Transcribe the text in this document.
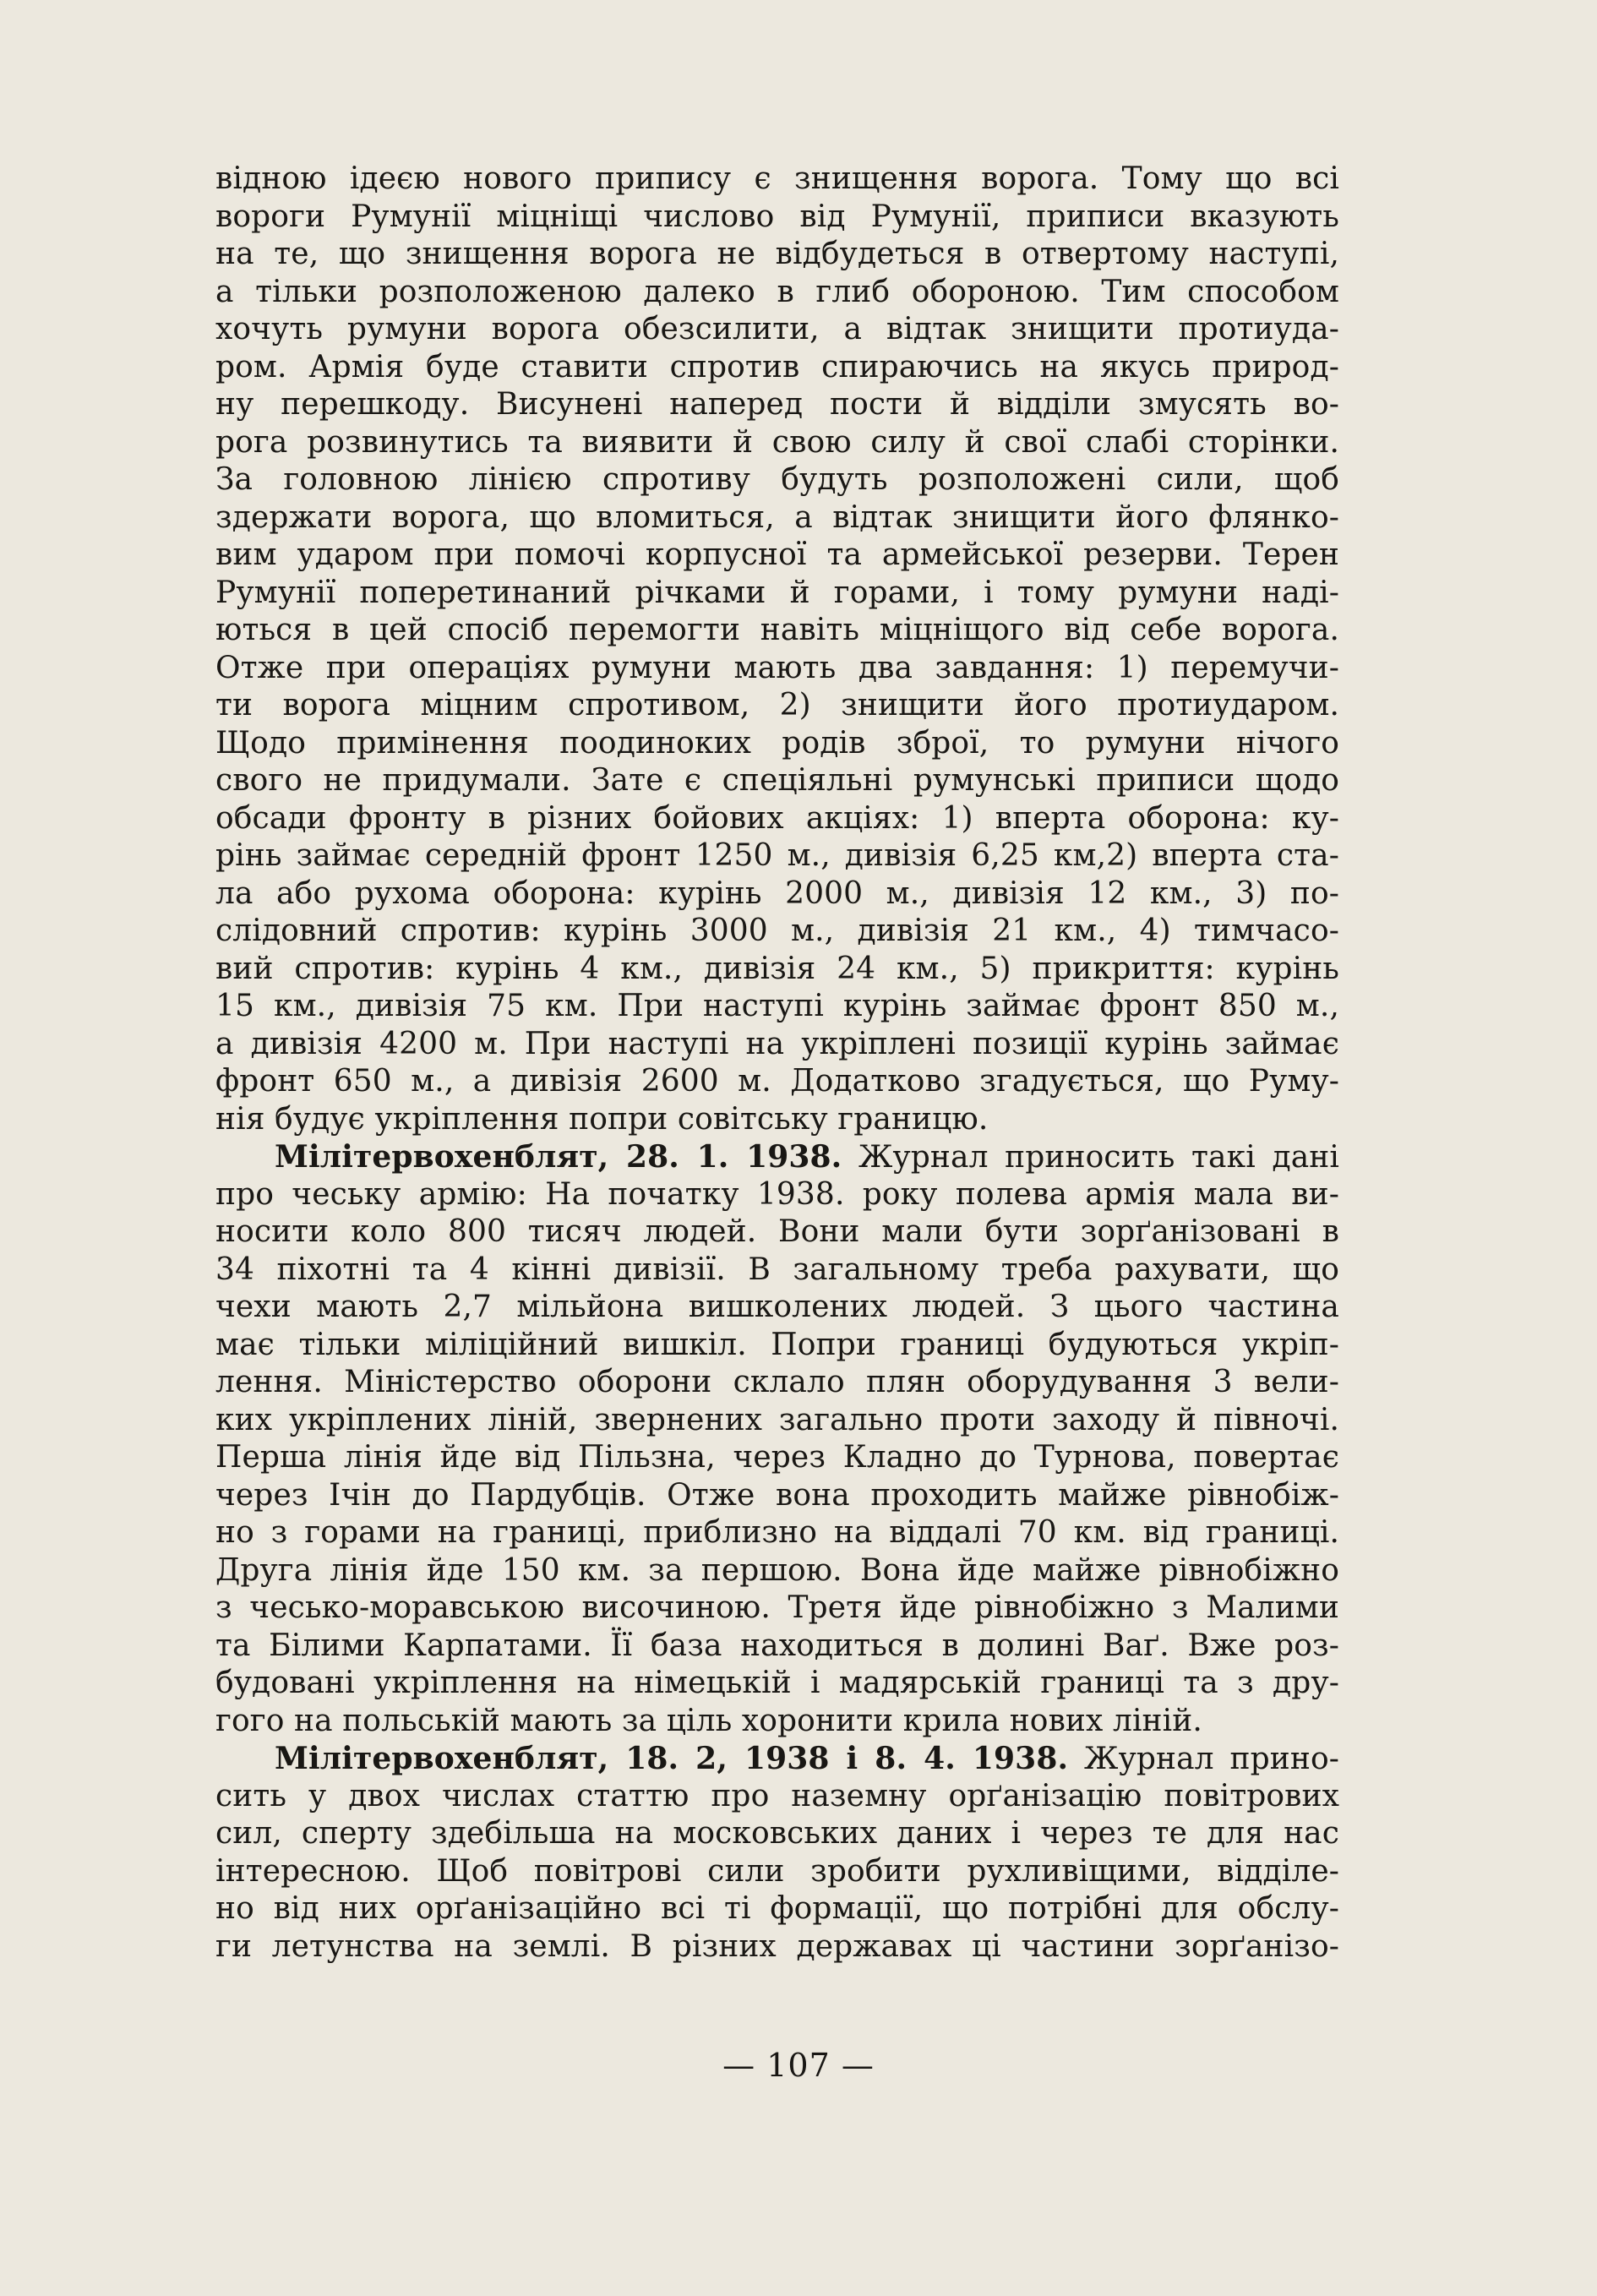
відною ідеєю нового припису є знищення ворога. Тому що всі
вороги Румунії міцніщі числово від Румунії, приписи вказують
на те, що знищення ворога не відбудеться в отвертому наступі,
а тільки розположеною далеко в глиб обороною. Тим способом
хочуть румуни ворога обезсилити, а відтак знищити протиуда-
ром. Армія буде ставити спротив спираючись на якусь природ-
ну перешкоду. Висунені наперед пости й відділи змусять во-
рога розвинутись та виявити й свою силу й свої слабі сторінки.
За головною лінією спротиву будуть розположені сили, щоб
здержати ворога, що вломиться, а відтак знищити його флянко-
вим ударом при помочі корпусної та армейської резерви. Терен
Румунії поперетинаний річками й горами, і тому румуни наді-
ються в цей спосіб перемогти навіть міцніщого від себе ворога.
Отже при операціях румуни мають два завдання: 1) перемучи-
ти ворога міцним спротивом, 2) знищити його протиударом.
Щодо примінення поодиноких родів зброї, то румуни нічого
свого не придумали. Зате є спеціяльні румунські приписи щодо
обсади фронту в різних бойових акціях: 1) вперта оборона: ку-
рінь займає середній фронт 1250 м., дивізія 6,25 км,2) вперта ста-
ла або рухома оборона: курінь 2000 м., дивізія 12 км., 3) по-
слідовний спротив: курінь 3000 м., дивізія 21 км., 4) тимчасо-
вий спротив: курінь 4 км., дивізія 24 км., 5) прикриття: курінь
15 км., дивізія 75 км. При наступі курінь займає фронт 850 м.,
а дивізія 4200 м. При наступі на укріплені позиції курінь займає
фронт 650 м., а дивізія 2600 м. Додатково згадується, що Руму-
нія будує укріплення попри совітську границю.
Мілітервохенблят, 28. 1. 1938. Журнал приносить такі дані
про чеську армію: На початку 1938. року полева армія мала ви-
носити коло 800 тисяч людей. Вони мали бути зорґанізовані в
34 піхотні та 4 кінні дивізії. В загальному треба рахувати, що
чехи мають 2,7 мільйона вишколених людей. З цього частина
має тільки міліційний вишкіл. Попри границі будуються укріп-
лення. Міністерство оборони склало плян оборудування 3 вели-
ких укріплених ліній, звернених загально проти заходу й півночі.
Перша лінія йде від Пільзна, через Кладно до Турнова, повертає
через Ічін до Пардубців. Отже вона проходить майже рівнобіж-
но з горами на границі, приблизно на віддалі 70 км. від границі.
Друга лінія йде 150 км. за першою. Вона йде майже рівнобіжно
з чесько-моравською височиною. Третя йде рівнобіжно з Малими
та Білими Карпатами. Її база находиться в долині Ваґ. Вже роз-
будовані укріплення на німецькій і мадярській границі та з дру-
гого на польській мають за ціль хоронити крила нових ліній.
Мілітервохенблят, 18. 2, 1938 і 8. 4. 1938. Журнал прино-
сить у двох числах статтю про наземну орґанізацію повітрових
сил, сперту здебільша на московських даних і через те для нас
інтересною. Щоб повітрові сили зробити рухливіщими, відділе-
но від них орґанізаційно всі ті формації, що потрібні для обслу-
ги летунства на землі. В різних державах ці частини зорґанізо-
— 107 —
